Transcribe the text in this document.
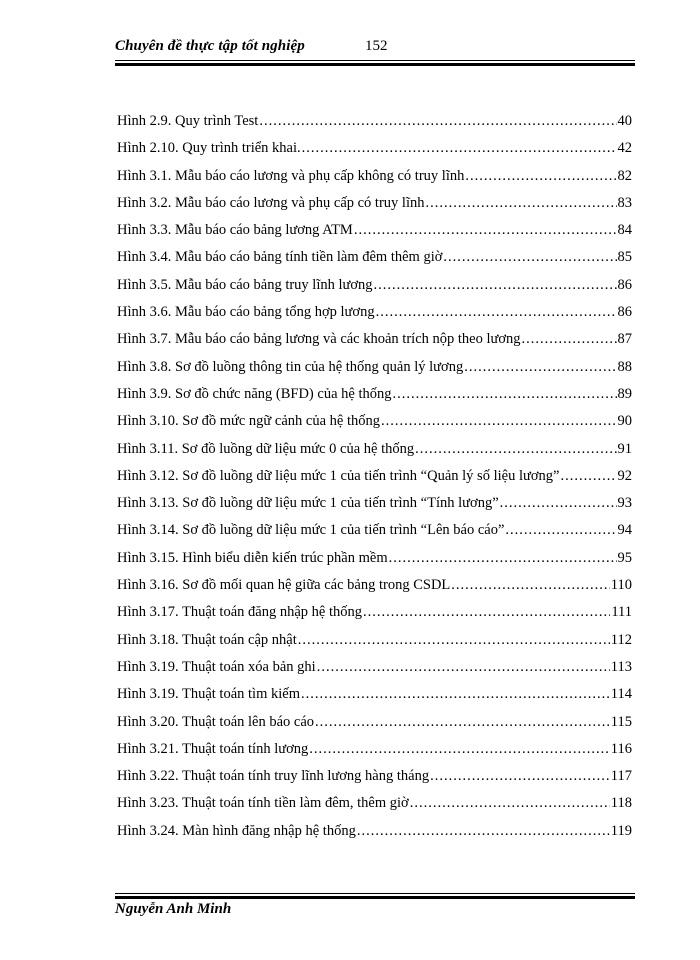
Chuyên đề thực tập tốt nghiệp	152
Hình 2.9. Quy trình Test .....	40
Hình 2.10. Quy trình triển khai. .....	42
Hình 3.1. Mẫu báo cáo lương và phụ cấp không có truy lĩnh .....	82
Hình 3.2. Mẫu báo cáo lương và phụ cấp có truy lĩnh .....	83
Hình 3.3. Mẫu báo cáo bảng lương ATM .....	84
Hình 3.4. Mẫu báo cáo bảng tính tiền làm đêm thêm giờ .....	85
Hình 3.5. Mẫu báo cáo bảng truy lĩnh lương .....	86
Hình 3.6. Mẫu báo cáo bảng tổng hợp lương .....	86
Hình 3.7. Mẫu báo cáo bảng lương và các khoản trích nộp theo lương .....	87
Hình 3.8. Sơ đồ luồng thông tin của hệ thống quản lý lương .....	88
Hình 3.9. Sơ đồ chức năng (BFD) của hệ thống .....	89
Hình 3.10. Sơ đồ mức ngữ cảnh của hệ thống .....	90
Hình 3.11. Sơ đồ luồng dữ liệu mức 0 của hệ thống .....	91
Hình 3.12. Sơ đồ luồng dữ liệu mức 1 của tiến trình “Quản lý số liệu lương” .....	92
Hình 3.13. Sơ đồ luồng dữ liệu mức 1 của tiến trình “Tính lương” .....	93
Hình 3.14. Sơ đồ luồng dữ liệu mức 1 của tiến trình “Lên báo cáo” .....	94
Hình 3.15. Hình biểu diễn kiến trúc phần mềm .....	95
Hình 3.16. Sơ đồ mối quan hệ giữa các bảng trong CSDL .....	110
Hình 3.17. Thuật toán đăng nhập hệ thống .....	111
Hình 3.18. Thuật toán cập nhật .....	112
Hình 3.19. Thuật toán xóa bản ghi .....	113
Hình 3.19. Thuật toán tìm kiếm .....	114
Hình 3.20. Thuật toán lên báo cáo .....	115
Hình 3.21. Thuật toán tính lương .....	116
Hình 3.22. Thuật toán tính truy lĩnh lương hàng tháng .....	117
Hình 3.23. Thuật toán tính tiền làm đêm, thêm giờ .....	118
Hình 3.24. Màn hình đăng nhập hệ thống .....	119
Nguyễn Anh Minh
